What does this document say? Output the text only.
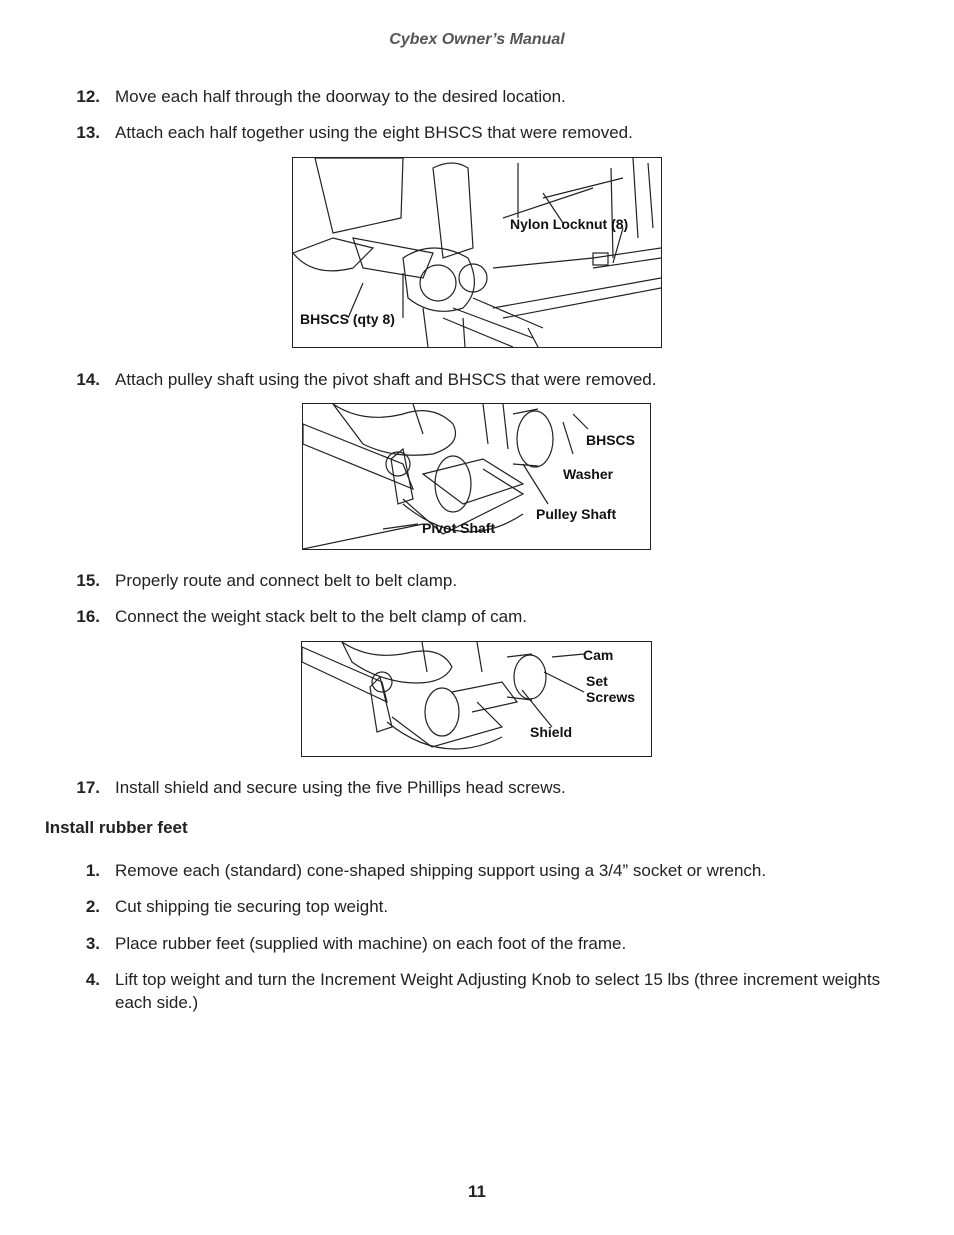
Cybex Owner’s Manual
12. Move each half through the doorway to the desired location.
13. Attach each half together using the eight BHSCS that were removed.
Nylon Locknut (8)
BHSCS (qty 8)
14. Attach pulley shaft using the pivot shaft and BHSCS that were removed.
BHSCS
Washer
Pulley Shaft
Pivot Shaft
15. Properly route and connect belt to belt clamp.
16. Connect the weight stack belt to the belt clamp of cam.
Cam
Set
Screws
Shield
17. Install shield and secure using the five Phillips head screws.
Install rubber feet
1. Remove each (standard) cone-shaped shipping support using a 3/4” socket or wrench.
2. Cut shipping tie securing top weight.
3. Place rubber feet (supplied with machine) on each foot of the frame.
4. Lift top weight and turn the Increment Weight Adjusting Knob to select 15 lbs (three increment weights each side.)
11
